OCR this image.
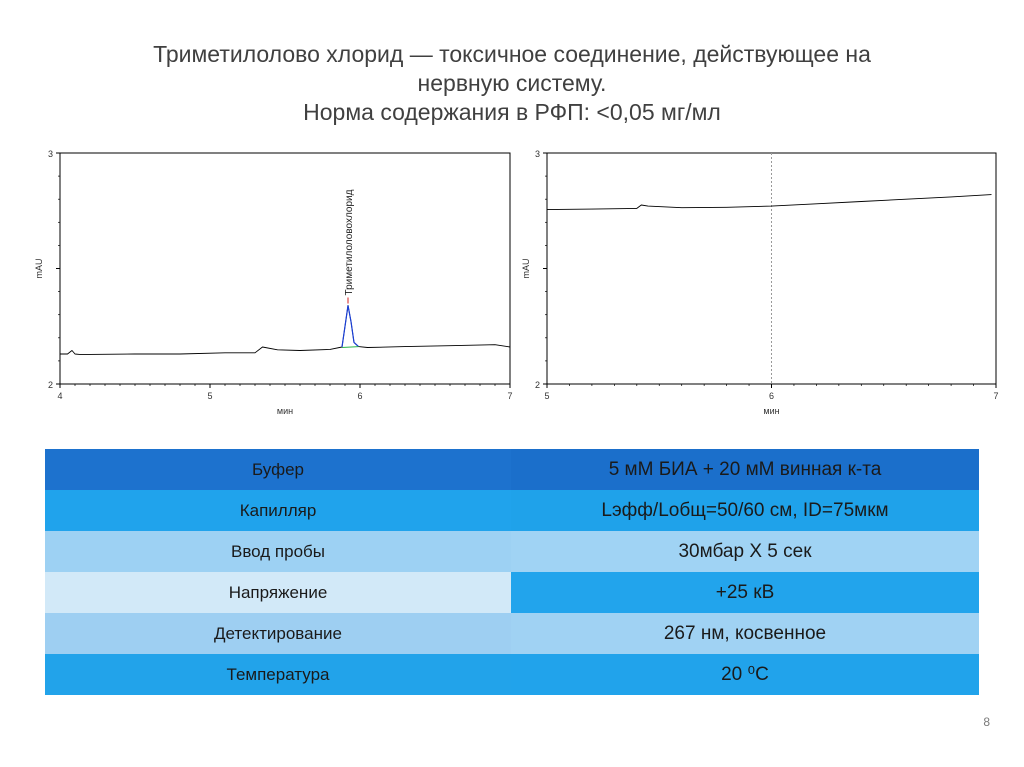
Триметилолово хлорид — токсичное соединение, действующее на
нервную систему.
Норма содержания в РФП: <0,05 мг/мл
4	5	6	7
2
3
мин
mAU	Триметилоловохлорид
5	6	7
2
3
мин
mAU
Буфер	5 мМ БИА + 20 мМ винная к-та
Капилляр	Lэфф/Lобщ=50/60 см, ID=75мкм
Ввод пробы	30мбар X 5 сек
Напряжение	+25 кВ
Детектирование	267 нм, косвенное
Температура	20 ⁰С
8
